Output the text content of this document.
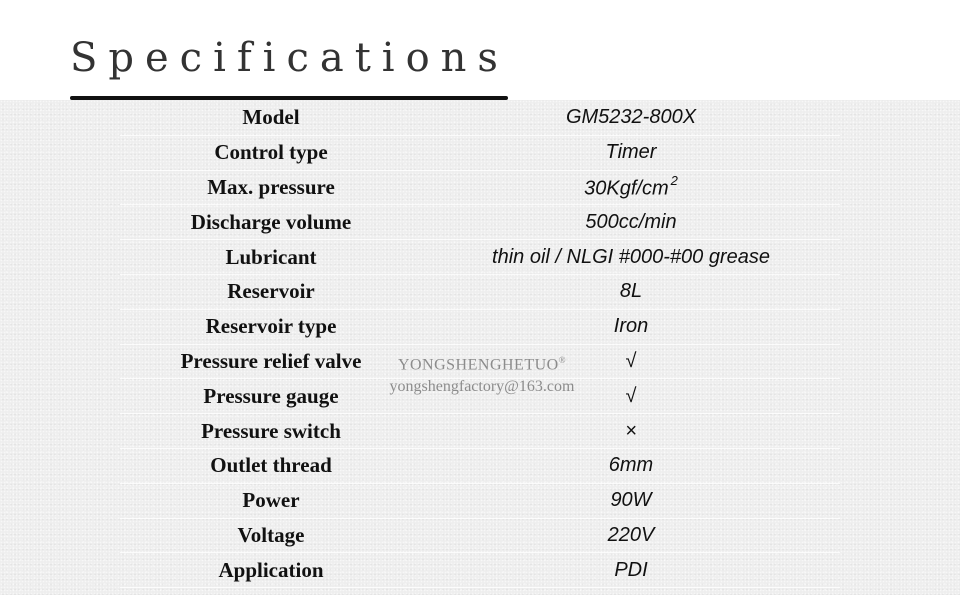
Specifications
Model	GM5232-800X
Control type	Timer
Max. pressure	30Kgf/cm $^2$
Discharge volume	500cc/min
Lubricant	thin oil / NLGI #000-#00 grease
Reservoir	8L
Reservoir type	Iron
Pressure relief valve	√
Pressure gauge	√
Pressure switch	×
Outlet thread	6mm
Power	90W
Voltage	220V
Application	PDI
YONGSHENGHETUO®
yongshengfactory@163.com
